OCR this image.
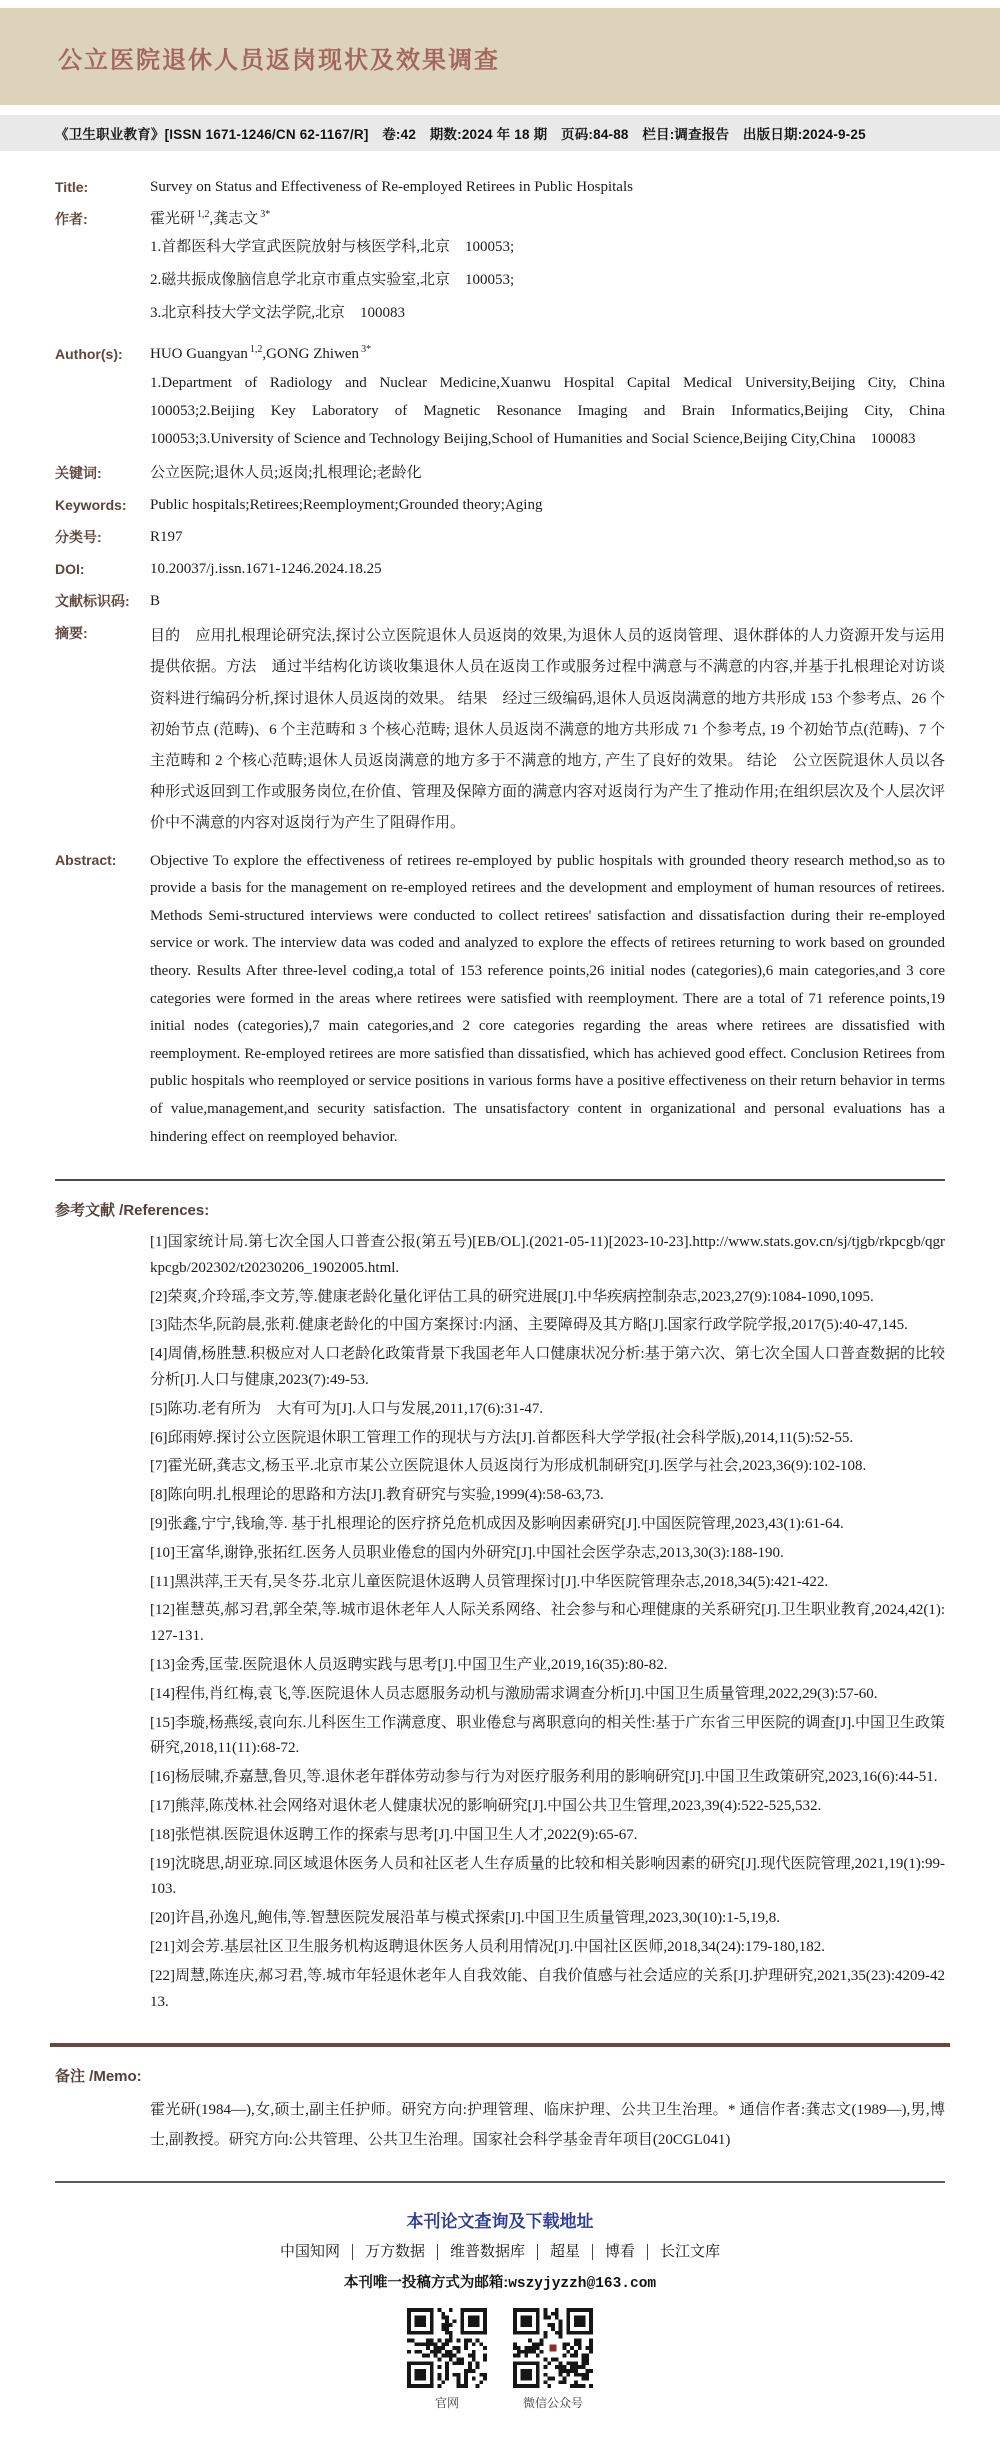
公立医院退休人员返岗现状及效果调查
《卫生职业教育》[ISSN 1671-1246/CN 62-1167/R]　卷:42　期数:2024 年 18 期　页码:84-88　栏目:调查报告　出版日期:2024-9-25
Title:	Survey on Status and Effectiveness of Re-employed Retirees in Public Hospitals
作者:	霍光研 $^{1,2}$,龚志文 $^{3*}$

1.首都医科大学宣武医院放射与核医学科,北京　100053;

2.磁共振成像脑信息学北京市重点实验室,北京　100053;

3.北京科技大学文法学院,北京　100083

Author(s):	HUO Guangyan $^{1,2}$,GONG Zhiwen $^{3*}$

1.Department of Radiology and Nuclear Medicine,Xuanwu Hospital Capital Medical University,Beijing City, China　100053;2.Beijing Key Laboratory of Magnetic Resonance Imaging and Brain Informatics,Beijing City, China　100053;3.University of Science and Technology Beijing,School of Humanities and Social Science,Beijing City,China　100083

关键词:	公立医院;退休人员;返岗;扎根理论;老龄化
Keywords:	Public hospitals;Retirees;Reemployment;Grounded theory;Aging
分类号:	R197
DOI:	10.20037/j.issn.1671-1246.2024.18.25
文献标识码:	B
摘要:	目的　应用扎根理论研究法,探讨公立医院退休人员返岗的效果,为退休人员的返岗管理、退休群体的人力资源开发与运用提供依据。方法　通过半结构化访谈收集退休人员在返岗工作或服务过程中满意与不满意的内容,并基于扎根理论对访谈资料进行编码分析,探讨退休人员返岗的效果。 结果　经过三级编码,退休人员返岗满意的地方共形成 153 个参考点、26 个初始节点 (范畴)、6 个主范畴和 3 个核心范畴; 退休人员返岗不满意的地方共形成 71 个参考点, 19 个初始节点(范畴)、7 个主范畴和 2 个核心范畴;退休人员返岗满意的地方多于不满意的地方, 产生了良好的效果。 结论　公立医院退休人员以各种形式返回到工作或服务岗位,在价值、管理及保障方面的满意内容对返岗行为产生了推动作用;在组织层次及个人层次评价中不满意的内容对返岗行为产生了阻碍作用。
Abstract:	Objective To explore the effectiveness of retirees re-employed by public hospitals with grounded theory research method,so as to provide a basis for the management on re-employed retirees and the development and employment of human resources of retirees. Methods Semi-structured interviews were conducted to collect retirees' satisfaction and dissatisfaction during their re-employed service or work. The interview data was coded and analyzed to explore the effects of retirees returning to work based on grounded theory. Results After three-level coding,a total of 153 reference points,26 initial nodes (categories),6 main categories,and 3 core categories were formed in the areas where retirees were satisfied with reemployment. There are a total of 71 reference points,19 initial nodes (categories),7 main categories,and 2 core categories regarding the areas where retirees are dissatisfied with reemployment. Re-employed retirees are more satisfied than dissatisfied, which has achieved good effect. Conclusion Retirees from public hospitals who reemployed or service positions in various forms have a positive effectiveness on their return behavior in terms of value,management,and security satisfaction. The unsatisfactory content in organizational and personal evaluations has a hindering effect on reemployed behavior.

参考文献 /References:

[1]国家统计局.第七次全国人口普查公报(第五号)[EB/OL].(2021-05-11)[2023-10-23].http://www.stats.gov.cn/sj/tjgb/rkpcgb/qgrkpcgb/202302/t20230206_1902005.html.

[2]荣爽,介玲瑶,李文芳,等.健康老龄化量化评估工具的研究进展[J].中华疾病控制杂志,2023,27(9):1084-1090,1095.

[3]陆杰华,阮韵晨,张莉.健康老龄化的中国方案探讨:内涵、主要障碍及其方略[J].国家行政学院学报,2017(5):40-47,145.

[4]周倩,杨胜慧.积极应对人口老龄化政策背景下我国老年人口健康状况分析:基于第六次、第七次全国人口普查数据的比较分析[J].人口与健康,2023(7):49-53.

[5]陈功.老有所为　大有可为[J].人口与发展,2011,17(6):31-47.

[6]邱雨婷.探讨公立医院退休职工管理工作的现状与方法[J].首都医科大学学报(社会科学版),2014,11(5):52-55.

[7]霍光研,龚志文,杨玉平.北京市某公立医院退休人员返岗行为形成机制研究[J].医学与社会,2023,36(9):102-108.

[8]陈向明.扎根理论的思路和方法[J].教育研究与实验,1999(4):58-63,73.

[9]张鑫,宁宁,钱瑜,等. 基于扎根理论的医疗挤兑危机成因及影响因素研究[J].中国医院管理,2023,43(1):61-64.

[10]王富华,谢铮,张拓红.医务人员职业倦怠的国内外研究[J].中国社会医学杂志,2013,30(3):188-190.

[11]黑洪萍,王天有,吴冬芬.北京儿童医院退休返聘人员管理探讨[J].中华医院管理杂志,2018,34(5):421-422.

[12]崔慧英,郝习君,郭全荣,等.城市退休老年人人际关系网络、社会参与和心理健康的关系研究[J].卫生职业教育,2024,42(1):127-131.

[13]金秀,匡莹.医院退休人员返聘实践与思考[J].中国卫生产业,2019,16(35):80-82.

[14]程伟,肖红梅,袁飞,等.医院退休人员志愿服务动机与激励需求调查分析[J].中国卫生质量管理,2022,29(3):57-60.

[15]李璇,杨燕绥,袁向东.儿科医生工作满意度、职业倦怠与离职意向的相关性:基于广东省三甲医院的调查[J].中国卫生政策研究,2018,11(11):68-72.

[16]杨辰啸,乔嘉慧,鲁贝,等.退休老年群体劳动参与行为对医疗服务利用的影响研究[J].中国卫生政策研究,2023,16(6):44-51.

[17]熊萍,陈茂林.社会网络对退休老人健康状况的影响研究[J].中国公共卫生管理,2023,39(4):522-525,532.

[18]张恺祺.医院退休返聘工作的探索与思考[J].中国卫生人才,2022(9):65-67.

[19]沈晓思,胡亚琼.同区域退休医务人员和社区老人生存质量的比较和相关影响因素的研究[J].现代医院管理,2021,19(1):99-103.

[20]许昌,孙逸凡,鲍伟,等.智慧医院发展沿革与模式探索[J].中国卫生质量管理,2023,30(10):1-5,19,8.

[21]刘会芳.基层社区卫生服务机构返聘退休医务人员利用情况[J].中国社区医师,2018,34(24):179-180,182.

[22]周慧,陈连庆,郝习君,等.城市年轻退休老年人自我效能、自我价值感与社会适应的关系[J].护理研究,2021,35(23):4209-4213.

备注 /Memo:

霍光研(1984—),女,硕士,副主任护师。研究方向:护理管理、临床护理、公共卫生治理。* 通信作者:龚志文(1989—),男,博士,副教授。研究方向:公共管理、公共卫生治理。国家社会科学基金青年项目(20CGL041)

本刊论文查询及下载地址

中国知网 万方数据 维普数据库 超星 博看 长江文库

本刊唯一投稿方式为邮箱:wszyjyzzh@163.com

官网	微信公众号
